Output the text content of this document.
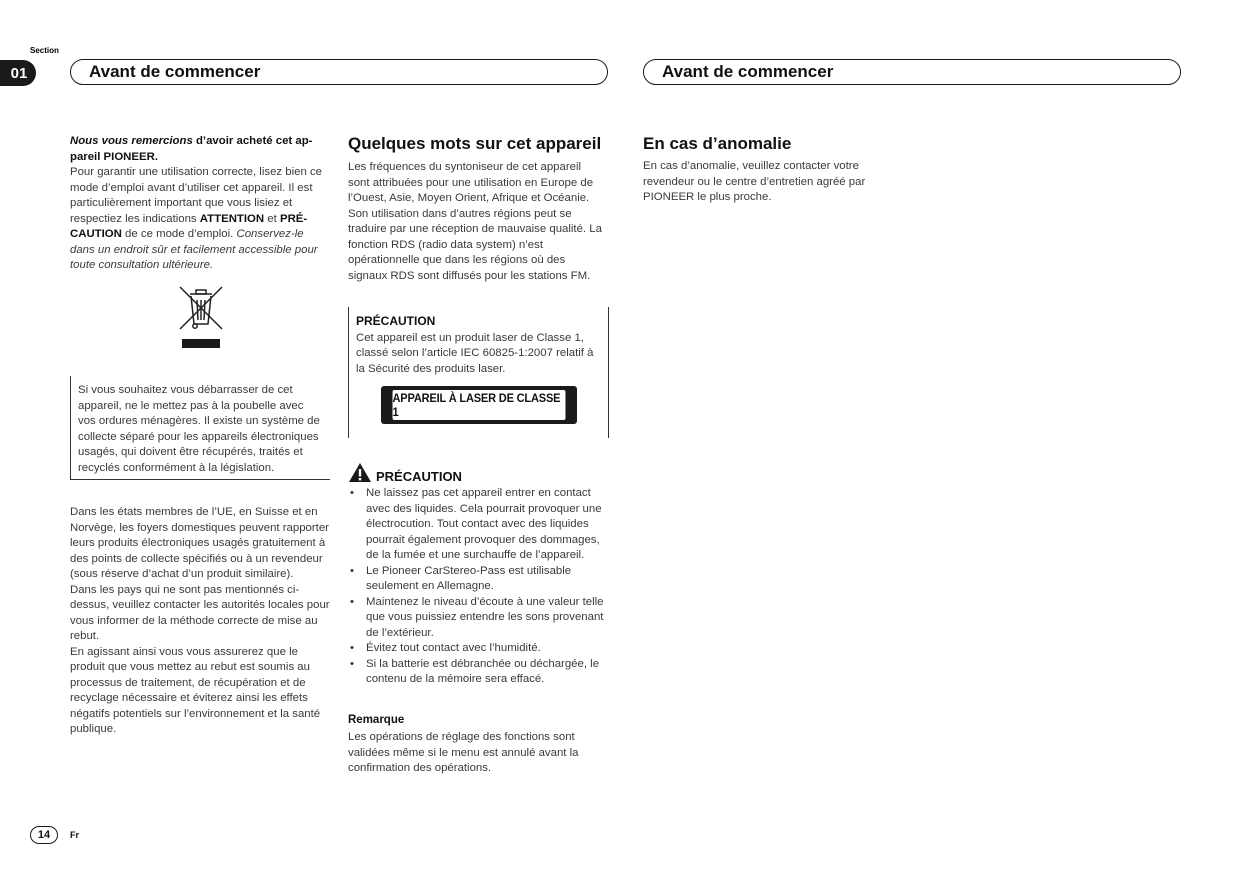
Section
01	Avant de commencer	Avant de commencer

Nous vous remercions d’avoir acheté cet ap-
pareil PIONEER.

Pour garantir une utilisation correcte, lisez bien ce mode d’emploi avant d’utiliser cet appareil. Il est particulièrement important que vous lisiez et respectiez les indications ATTENTION et PRÉ-CAUTION de ce mode d’emploi. Conservez-le dans un endroit sûr et facilement accessible pour toute consultation ultérieure.

Si vous souhaitez vous débarrasser de cet appareil, ne le mettez pas à la poubelle avec vos ordures ménagères. Il existe un système de collecte séparé pour les appareils électroniques usagés, qui doivent être récupérés, traités et recyclés conformément à la législation.

Dans les états membres de l’UE, en Suisse et en Norvège, les foyers domestiques peuvent rapporter leurs produits électroniques usagés gratuitement à des points de collecte spécifiés ou à un revendeur (sous réserve d’achat d’un produit similaire).

Dans les pays qui ne sont pas mentionnés ci-dessus, veuillez contacter les autorités locales pour vous informer de la méthode correcte de mise au rebut.

En agissant ainsi vous vous assurerez que le produit que vous mettez au rebut est soumis au processus de traitement, de récupération et de recyclage nécessaire et éviterez ainsi les effets négatifs potentiels sur l’environnement et la santé publique.

Quelques mots sur cet appareil
Les fréquences du syntoniseur de cet appareil sont attribuées pour une utilisation en Europe de l’Ouest, Asie, Moyen Orient, Afrique et Océanie. Son utilisation dans d’autres régions peut se traduire par une réception de mauvaise qualité. La fonction RDS (radio data system) n’est opérationnelle que dans les régions où des signaux RDS sont diffusés pour les stations FM.
PRÉCAUTION

Cet appareil est un produit laser de Classe 1, classé selon l’article IEC 60825-1:2007 relatif à la Sécurité des produits laser.

APPAREIL À LASER DE CLASSE 1
PRÉCAUTION
• Ne laissez pas cet appareil entrer en contact avec des liquides. Cela pourrait provoquer une électrocution. Tout contact avec des liquides pourrait également provoquer des dommages, de la fumée et une surchauffe de l’appareil.
• Le Pioneer CarStereo-Pass est utilisable seulement en Allemagne.
• Maintenez le niveau d’écoute à une valeur telle que vous puissiez entendre les sons provenant de l’extérieur.
• Évitez tout contact avec l’humidité.
• Si la batterie est débranchée ou déchargée, le contenu de la mémoire sera effacé.
Remarque
Les opérations de réglage des fonctions sont validées même si le menu est annulé avant la confirmation des opérations.
En cas d’anomalie
En cas d’anomalie, veuillez contacter votre revendeur ou le centre d’entretien agréé par PIONEER le plus proche.
14	Fr
